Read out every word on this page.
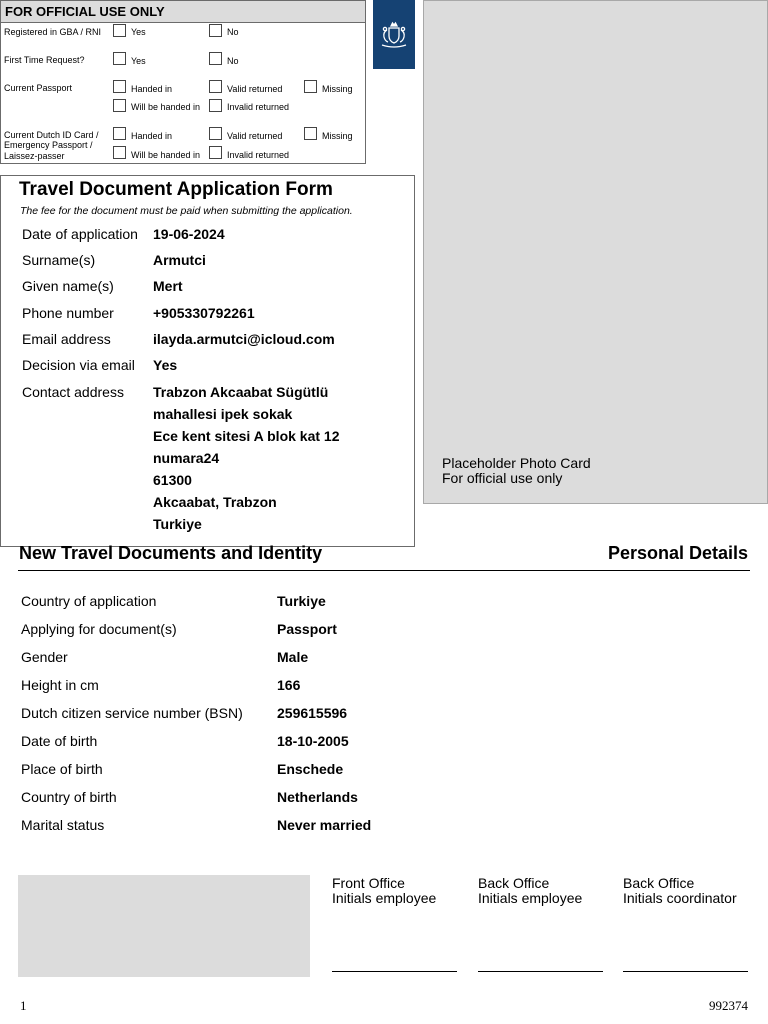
FOR OFFICIAL USE ONLY
Registered in GBA / RNI	Yes	No
First Time Request?	Yes	No
Current Passport	Handed in	Valid returned	Missing
Will be handed in	Invalid returned
Current Dutch ID Card /
Emergency Passport /
Laissez-passer
Handed in	Valid returned	Missing
Will be handed in	Invalid returned
Placeholder Photo Card
For official use only
Travel Document Application Form
The fee for the document must be paid when submitting the application.
Date of application 19-06-2024
Surname(s)	Armutci
Given name(s)	Mert
Phone number	+905330792261
Email address	ilayda.armutci@icloud.com
Decision via email Yes
Contact address Trabzon Akcaabat Sügütlü
mahallesi ipek sokak
Ece kent sitesi A blok kat 12
numara24
61300
Akcaabat, Trabzon
Turkiye
New Travel Documents and Identity	Personal Details
Country of application	Turkiye
Applying for document(s)	Passport
Gender	Male
Height in cm	166
Dutch citizen service number (BSN) 259615596
Date of birth	18-10-2005
Place of birth	Enschede
Country of birth	Netherlands
Marital status	Never married
Front Office
Initials employee
Back Office
Initials employee
Back Office
Initials coordinator
1	992374
